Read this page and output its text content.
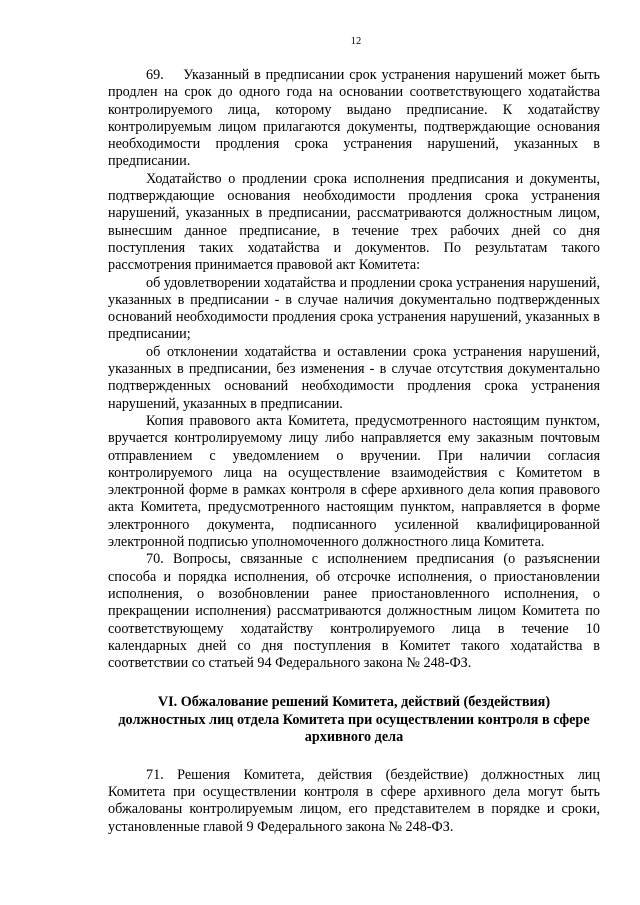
12

69.    Указанный в предписании срок устранения нарушений может быть продлен на срок до одного года на основании соответствующего ходатайства контролируемого лица, которому выдано предписание. К ходатайству контролируемым лицом прилагаются документы, подтверждающие основания необходимости продления срока устранения нарушений, указанных в предписании.

Ходатайство о продлении срока исполнения предписания и документы, подтверждающие основания необходимости продления срока устранения нарушений, указанных в предписании, рассматриваются должностным лицом, вынесшим данное предписание, в течение трех рабочих дней со дня поступления таких ходатайства и документов. По результатам такого рассмотрения принимается правовой акт Комитета:

об удовлетворении ходатайства и продлении срока устранения нарушений, указанных в предписании - в случае наличия документально подтвержденных оснований необходимости продления срока устранения нарушений, указанных в предписании;

об отклонении ходатайства и оставлении срока устранения нарушений, указанных в предписании, без изменения - в случае отсутствия документально подтвержденных оснований необходимости продления срока устранения нарушений, указанных в предписании.

Копия правового акта Комитета, предусмотренного настоящим пунктом, вручается контролируемому лицу либо направляется ему заказным почтовым отправлением с уведомлением о вручении. При наличии согласия контролируемого лица на осуществление взаимодействия с Комитетом в электронной форме в рамках контроля в сфере архивного дела копия правового акта Комитета, предусмотренного настоящим пунктом, направляется в форме электронного документа, подписанного усиленной квалифицированной электронной подписью уполномоченного должностного лица Комитета.

70. Вопросы, связанные с исполнением предписания (о разъяснении способа и порядка исполнения, об отсрочке исполнения, о приостановлении исполнения, о возобновлении ранее приостановленного исполнения, о прекращении исполнения) рассматриваются должностным лицом Комитета по соответствующему ходатайству контролируемого лица в течение 10 календарных дней со дня поступления в Комитет такого ходатайства в соответствии со статьей 94 Федерального закона № 248-ФЗ.

VI. Обжалование решений Комитета, действий (бездействия) должностных лиц отдела Комитета при осуществлении контроля в сфере архивного дела

71. Решения Комитета, действия (бездействие) должностных лиц Комитета при осуществлении контроля в сфере архивного дела могут быть обжалованы контролируемым лицом, его представителем в порядке и сроки, установленные главой 9 Федерального закона № 248-ФЗ.
